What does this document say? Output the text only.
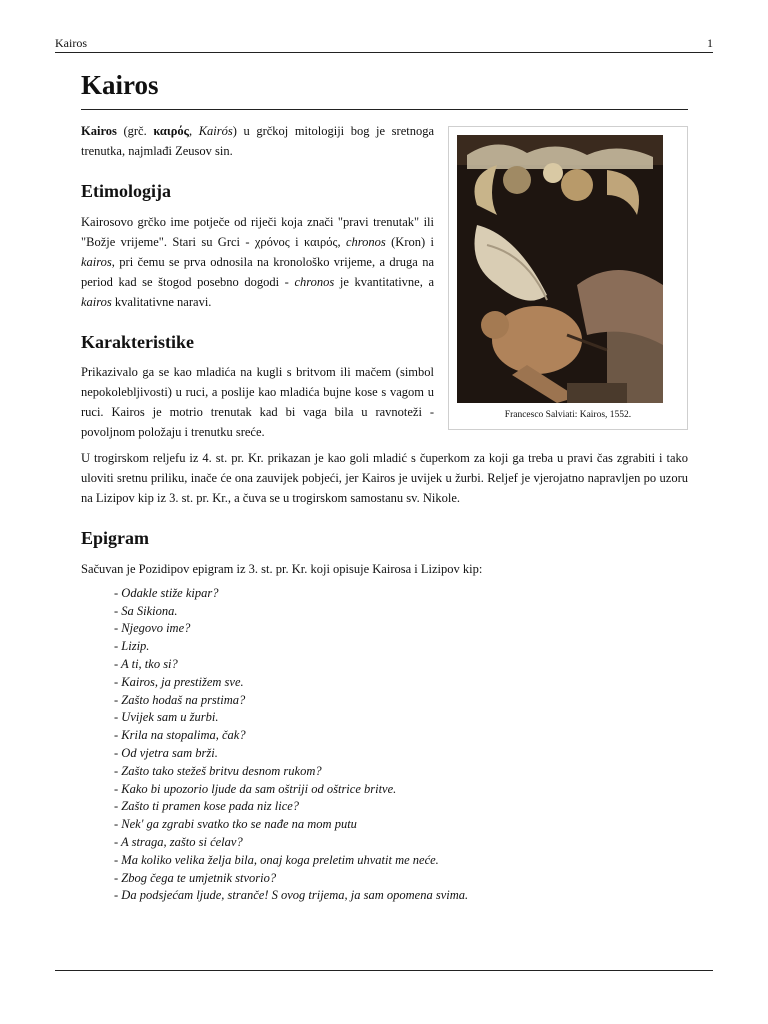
Kairos	1
Kairos
Francesco Salviati: Kairos, 1552.

Kairos (grč. καιρός, Kairós) u grčkoj mitologiji bog je sretnoga trenutka, najmlađi Zeusov sin.

Etimologija

Kairosovo grčko ime potječe od riječi koja znači "pravi trenutak" ili "Božje vrijeme". Stari su Grci - χρόνος i καιρός, chronos (Kron) i kairos, pri čemu se prva odnosila na kronološko vrijeme, a druga na period kad se štogod posebno dogodi - chronos je kvantitativne, a kairos kvalitativne naravi.

Karakteristike

Prikazivalo ga se kao mladića na kugli s britvom ili mačem (simbol nepokolebljivosti) u ruci, a poslije kao mladića bujne kose s vagom u ruci. Kairos je motrio trenutak kad bi vaga bila u ravnoteži - povoljnom položaju i trenutku sreće.

U trogirskom reljefu iz 4. st. pr. Kr. prikazan je kao goli mladić s čuperkom za koji ga treba u pravi čas zgrabiti i tako uloviti sretnu priliku, inače će ona zauvijek pobjeći, jer Kairos je uvijek u žurbi. Reljef je vjerojatno napravljen po uzoru na Lizipov kip iz 3. st. pr. Kr., a čuva se u trogirskom samostanu sv. Nikole.

Epigram

Sačuvan je Pozidipov epigram iz 3. st. pr. Kr. koji opisuje Kairosa i Lizipov kip:

- Odakle stiže kipar?
- Sa Sikiona.
- Njegovo ime?
- Lizip.
- A ti, tko si?
- Kairos, ja prestižem sve.
- Zašto hodaš na prstima?
- Uvijek sam u žurbi.
- Krila na stopalima, čak?
- Od vjetra sam brži.
- Zašto tako stežeš britvu desnom rukom?
- Kako bi upozorio ljude da sam oštriji od oštrice britve.
- Zašto ti pramen kose pada niz lice?
- Nek' ga zgrabi svatko tko se nađe na mom putu
- A straga, zašto si ćelav?
- Ma koliko velika želja bila, onaj koga preletim uhvatit me neće.
- Zbog čega te umjetnik stvorio?
- Da podsjećam ljude, strančе! S ovog trijema, ja sam opomena svima.
